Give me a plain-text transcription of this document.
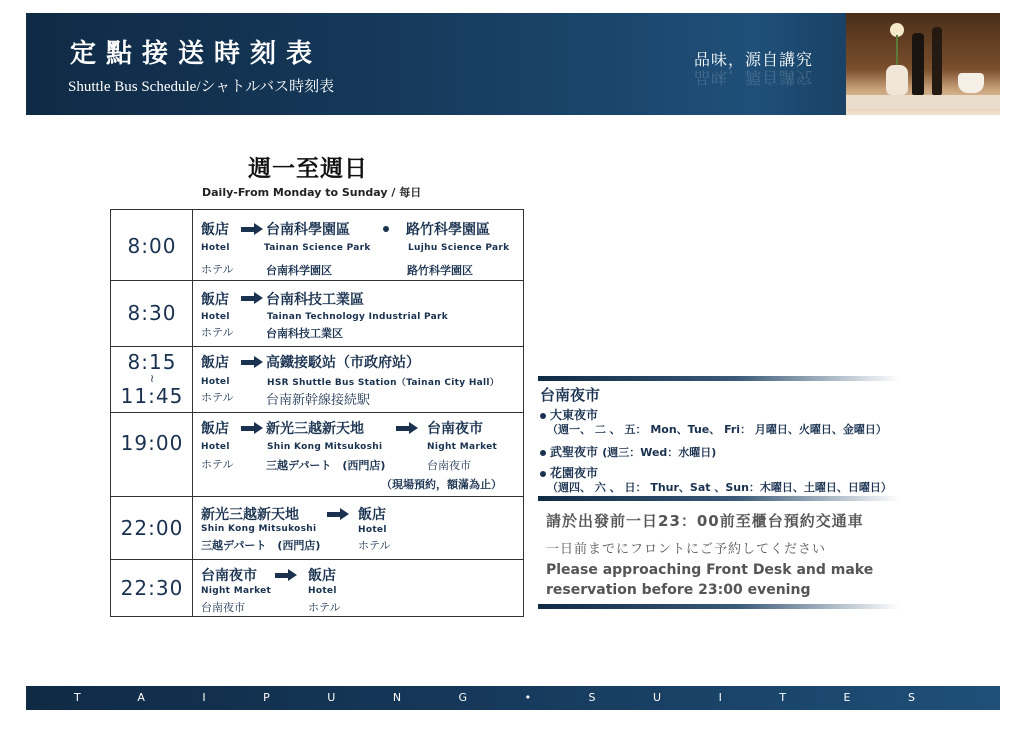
定點接送時刻表
Shuttle Bus Schedule/シャトルバス時刻表
品味，源自講究
品味，源自講究
週一至週日
Daily-From Monday to Sunday / 每日
8:00
飯店
Hotel
ホテル
台南科學園區
Tainan Science Park
台南科学園区
路竹科學園區
Lujhu Science Park
路竹科学園区
8:30
飯店
Hotel
ホテル
台南科技工業區
Tainan Technology Industrial Park
台南科技工業区
8:15
≀
11:45
飯店
Hotel
ホテル
高鐵接駁站（市政府站）
HSR Shuttle Bus Station（Tainan City Hall）
台南新幹線接続駅
19:00
飯店
Hotel
ホテル
新光三越新天地
Shin Kong Mitsukoshi
三越デパート　(西門店)
台南夜市
Night Market
台南夜市
（現場預約，額滿為止）
22:00
新光三越新天地
Shin Kong Mitsukoshi
三越デパート　(西門店)
飯店
Hotel
ホテル
22:30	台南夜市
Night Market
台南夜市
飯店
Hotel
ホテル
台南夜市
大東夜市
（週一、 二 、 五： Mon、Tue、 Fri： 月曜日、火曜日、金曜日）
武聖夜市 (週三：Wed：水曜日)
花園夜市
（週四、 六 、 日： Thur、Sat 、Sun：木曜日、土曜日、日曜日）
請於出發前一日23：00前至櫃台預約交通車
一日前までにフロントにご予約してください
Please approaching Front Desk and make
reservation before 23:00 evening
TAIPUNG•SUITES
